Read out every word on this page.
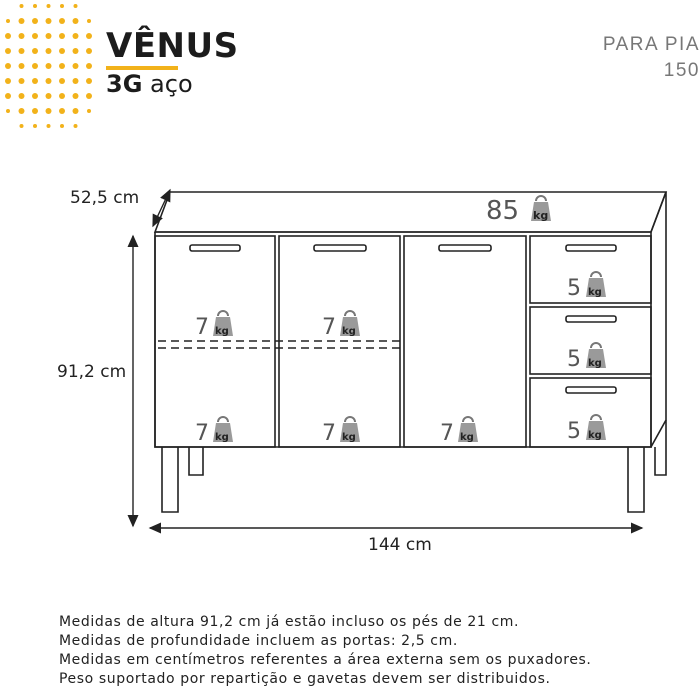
VÊNUS
3G aço
PARA PIA
150
52,5 cm
91,2 cm
144 cm
85 kg
7 kg	7 kg
7 kg	7 kg	7 kg
5 kg
5 kg
5 kg
Medidas de altura 91,2 cm já estão incluso os pés de 21 cm.
Medidas de profundidade incluem as portas: 2,5 cm.
Medidas em centímetros referentes a área externa sem os puxadores.
Peso suportado por repartição e gavetas devem ser distribuidos.
